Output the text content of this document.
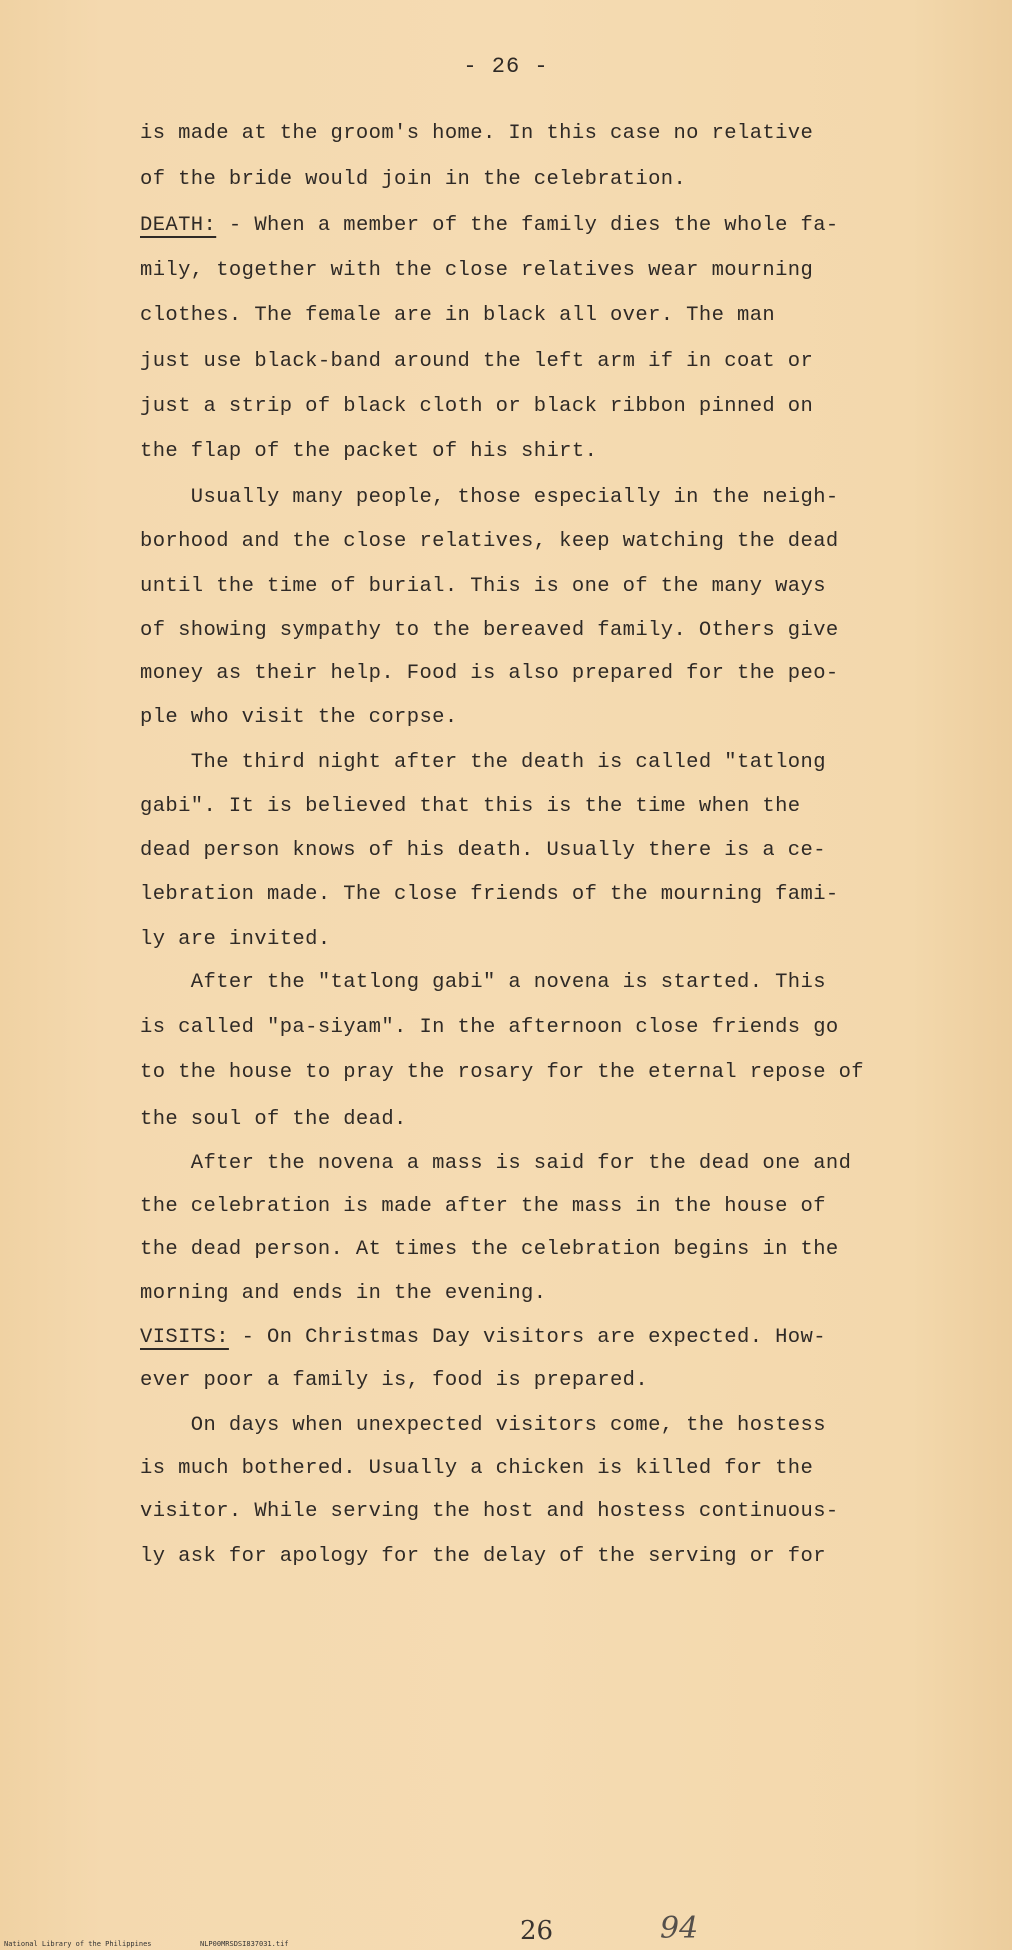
- 26 -
is made at the groom's home. In this case no relative
of the bride would join in the celebration.
DEATH: - When a member of the family dies the whole fa-
mily, together with the close relatives wear mourning
clothes. The female are in black all over. The man
just use black-band around the left arm if in coat or
just a strip of black cloth or black ribbon pinned on
the flap of the packet of his shirt.
Usually many people, those especially in the neigh-
borhood and the close relatives, keep watching the dead
until the time of burial. This is one of the many ways
of showing sympathy to the bereaved family. Others give
money as their help. Food is also prepared for the peo-
ple who visit the corpse.
The third night after the death is called "tatlong
gabi". It is believed that this is the time when the
dead person knows of his death. Usually there is a ce-
lebration made. The close friends of the mourning fami-
ly are invited.
After the "tatlong gabi" a novena is started. This
is called "pa-siyam". In the afternoon close friends go
to the house to pray the rosary for the eternal repose of
the soul of the dead.
After the novena a mass is said for the dead one and
the celebration is made after the mass in the house of
the dead person. At times the celebration begins in the
morning and ends in the evening.
VISITS: - On Christmas Day visitors are expected. How-
ever poor a family is, food is prepared.
On days when unexpected visitors come, the hostess
is much bothered. Usually a chicken is killed for the
visitor. While serving the host and hostess continuous-
ly ask for apology for the delay of the serving or for
National Library of the Philippines	NLP00MRSDSI837031.tif	26	94
